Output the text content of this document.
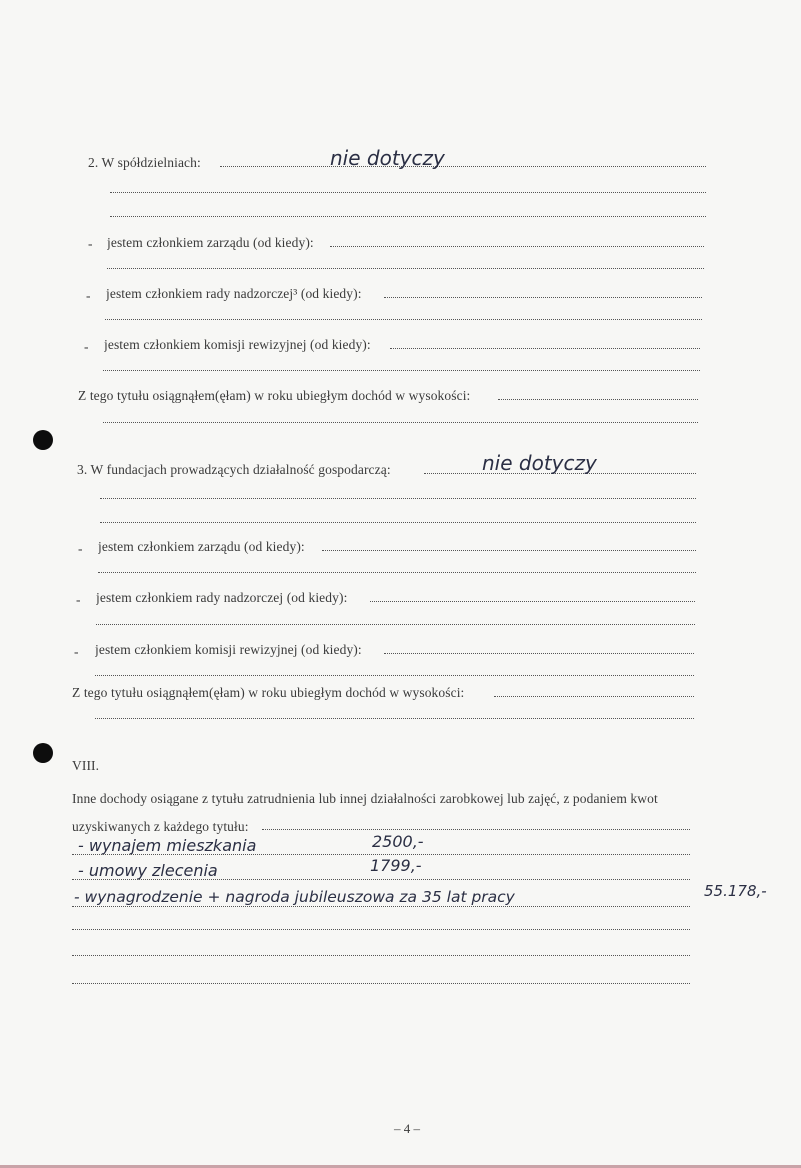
2. W spółdzielniach:	nie dotyczy
- jestem członkiem zarządu (od kiedy):
- jestem członkiem rady nadzorczej³ (od kiedy):
- jestem członkiem komisji rewizyjnej (od kiedy):
Z tego tytułu osiągnąłem(ęłam) w roku ubiegłym dochód w wysokości:
3. W fundacjach prowadzących działalność gospodarczą:	nie dotyczy
- jestem członkiem zarządu (od kiedy):
- jestem członkiem rady nadzorczej (od kiedy):
- jestem członkiem komisji rewizyjnej (od kiedy):
Z tego tytułu osiągnąłem(ęłam) w roku ubiegłym dochód w wysokości:
VIII.
Inne dochody osiągane z tytułu zatrudnienia lub innej działalności zarobkowej lub zajęć, z podaniem kwot
uzyskiwanych z każdego tytułu:
- wynajem mieszkania	2500,-
- umowy zlecenia	1799,-
- wynagrodzenie + nagroda jubileuszowa za 35 lat pracy	55.178,-
– 4 –
